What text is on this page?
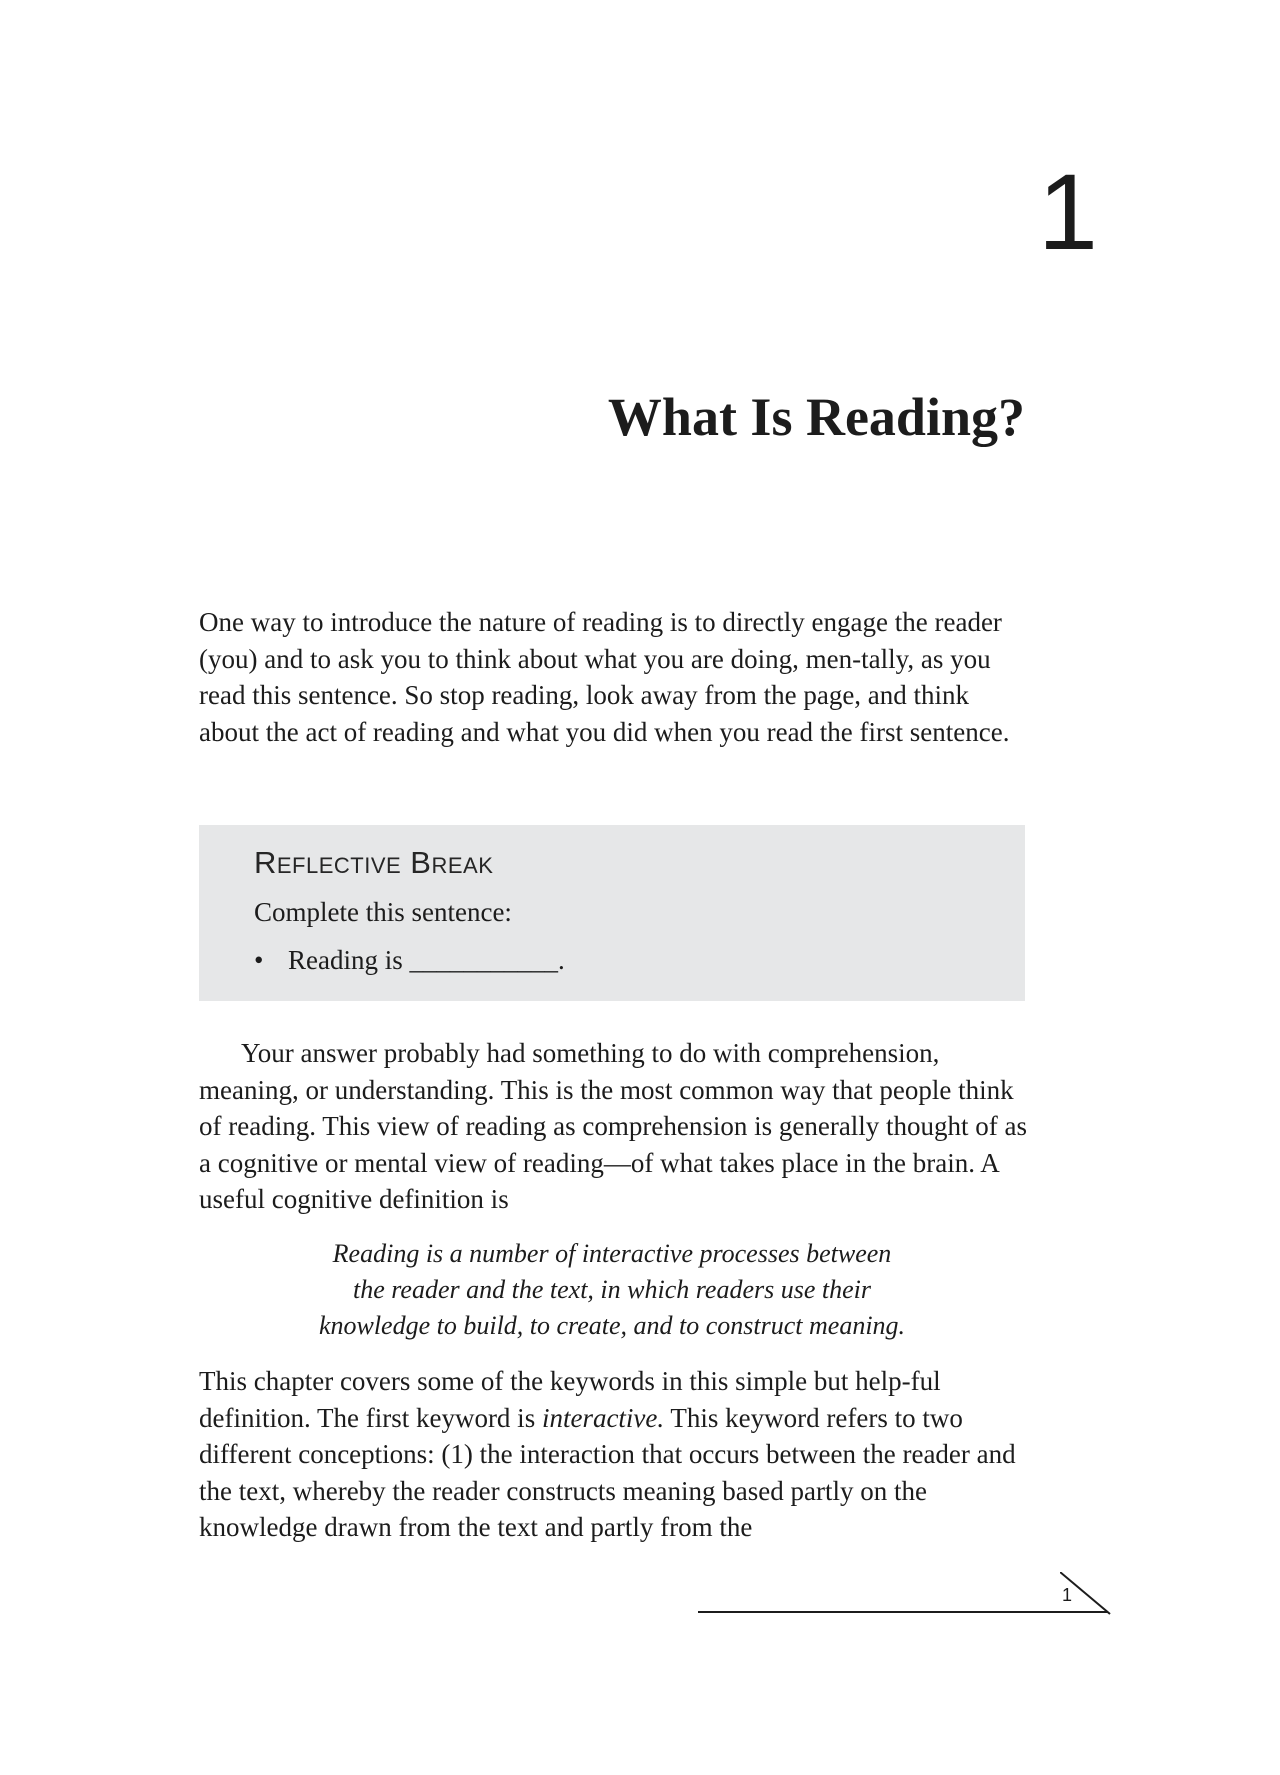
1
What Is Reading?

One way to introduce the nature of reading is to directly engage the reader (you) and to ask you to think about what you are doing, men-tally, as you read this sentence. So stop reading, look away from the page, and think about the act of reading and what you did when you read the first sentence.

Reflective Break
Complete this sentence:
• Reading is ___________.

Your answer probably had something to do with comprehension, meaning, or understanding. This is the most common way that people think of reading. This view of reading as comprehension is generally thought of as a cognitive or mental view of reading—of what takes place in the brain. A useful cognitive definition is

Reading is a number of interactive processes between
the reader and the text, in which readers use their
knowledge to build, to create, and to construct meaning.

This chapter covers some of the keywords in this simple but help-ful definition. The first keyword is interactive. This keyword refers to two different conceptions: (1) the interaction that occurs between the reader and the text, whereby the reader constructs meaning based partly on the knowledge drawn from the text and partly from the

1
